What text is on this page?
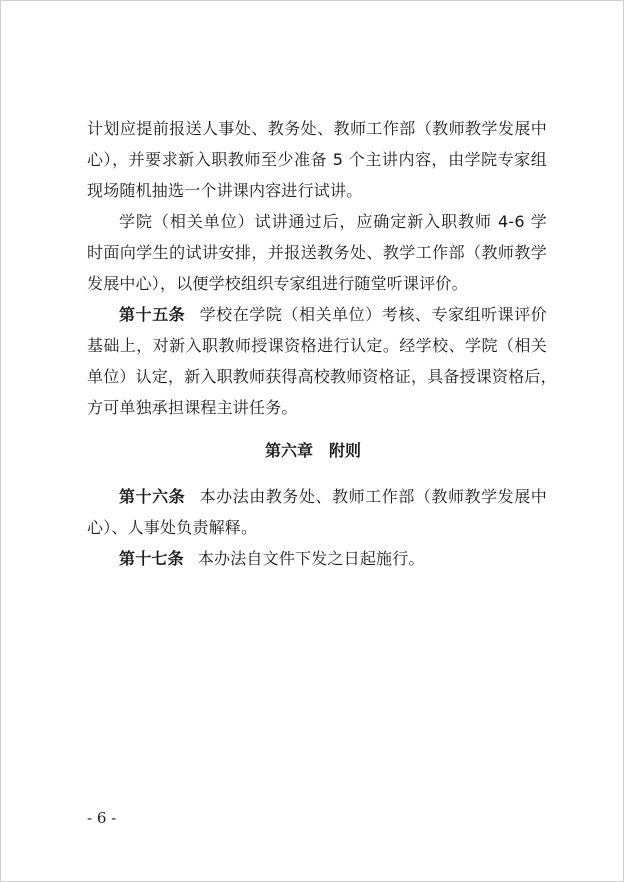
计划应提前报送人事处、教务处、教师工作部（教师教学发展中
心），并要求新入职教师至少准备 5 个主讲内容，由学院专家组
现场随机抽选一个讲课内容进行试讲。
学院（相关单位）试讲通过后，应确定新入职教师 4-6 学
时面向学生的试讲安排，并报送教务处、教学工作部（教师教学
发展中心），以便学校组织专家组进行随堂听课评价。
第十五条 学校在学院（相关单位）考核、专家组听课评价
基础上，对新入职教师授课资格进行认定。经学校、学院（相关
单位）认定，新入职教师获得高校教师资格证，具备授课资格后，
方可单独承担课程主讲任务。
第六章　附则
第十六条 本办法由教务处、教师工作部（教师教学发展中
心）、人事处负责解释。
第十七条 本办法自文件下发之日起施行。
- 6 -
